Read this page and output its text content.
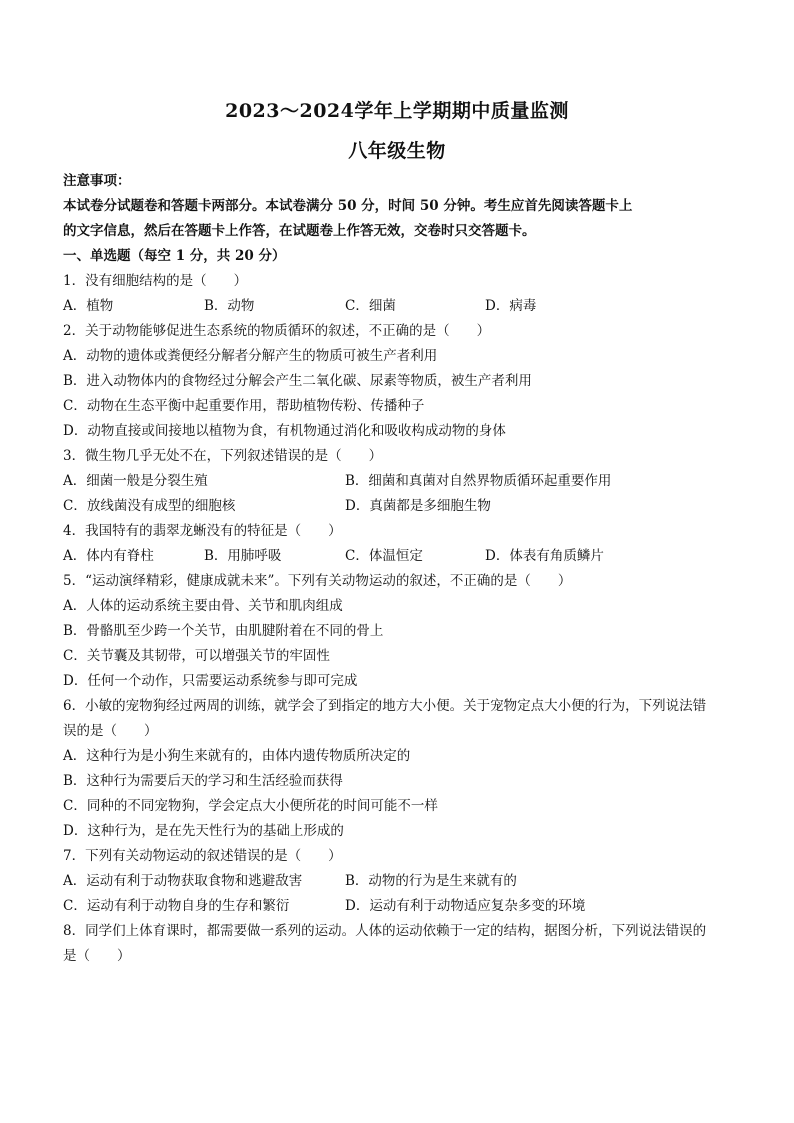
2023～2024学年上学期期中质量监测
八年级生物
注意事项：
本试卷分试题卷和答题卡两部分。本试卷满分 50 分，时间 50 分钟。考生应首先阅读答题卡上
的文字信息，然后在答题卡上作答，在试题卷上作答无效，交卷时只交答题卡。
一、单选题（每空 1 分，共 20 分）
1．没有细胞结构的是（　　）
A．植物	B．动物	C．细菌	D．病毒
2．关于动物能够促进生态系统的物质循环的叙述，不正确的是（　　）
A．动物的遗体或粪便经分解者分解产生的物质可被生产者利用
B．进入动物体内的食物经过分解会产生二氧化碳、尿素等物质，被生产者利用
C．动物在生态平衡中起重要作用，帮助植物传粉、传播种子
D．动物直接或间接地以植物为食，有机物通过消化和吸收构成动物的身体
3．微生物几乎无处不在，下列叙述错误的是（　　）
A．细菌一般是分裂生殖	B．细菌和真菌对自然界物质循环起重要作用
C．放线菌没有成型的细胞核	D．真菌都是多细胞生物
4．我国特有的翡翠龙蜥没有的特征是（　　）
A．体内有脊柱	B．用肺呼吸	C．体温恒定	D．体表有角质鳞片
5．“运动演绎精彩，健康成就未来”。下列有关动物运动的叙述，不正确的是（　　）
A．人体的运动系统主要由骨、关节和肌肉组成
B．骨骼肌至少跨一个关节，由肌腱附着在不同的骨上
C．关节囊及其韧带，可以增强关节的牢固性
D．任何一个动作，只需要运动系统参与即可完成
6．小敏的宠物狗经过两周的训练，就学会了到指定的地方大小便。关于宠物定点大小便的行为，下列说法错
误的是（　　）
A．这种行为是小狗生来就有的，由体内遗传物质所决定的
B．这种行为需要后天的学习和生活经验而获得
C．同种的不同宠物狗，学会定点大小便所花的时间可能不一样
D．这种行为，是在先天性行为的基础上形成的
7．下列有关动物运动的叙述错误的是（　　）
A．运动有利于动物获取食物和逃避敌害	B．动物的行为是生来就有的
C．运动有利于动物自身的生存和繁衍	D．运动有利于动物适应复杂多变的环境
8．同学们上体育课时，都需要做一系列的运动。人体的运动依赖于一定的结构，据图分析，下列说法错误的
是（　　）
